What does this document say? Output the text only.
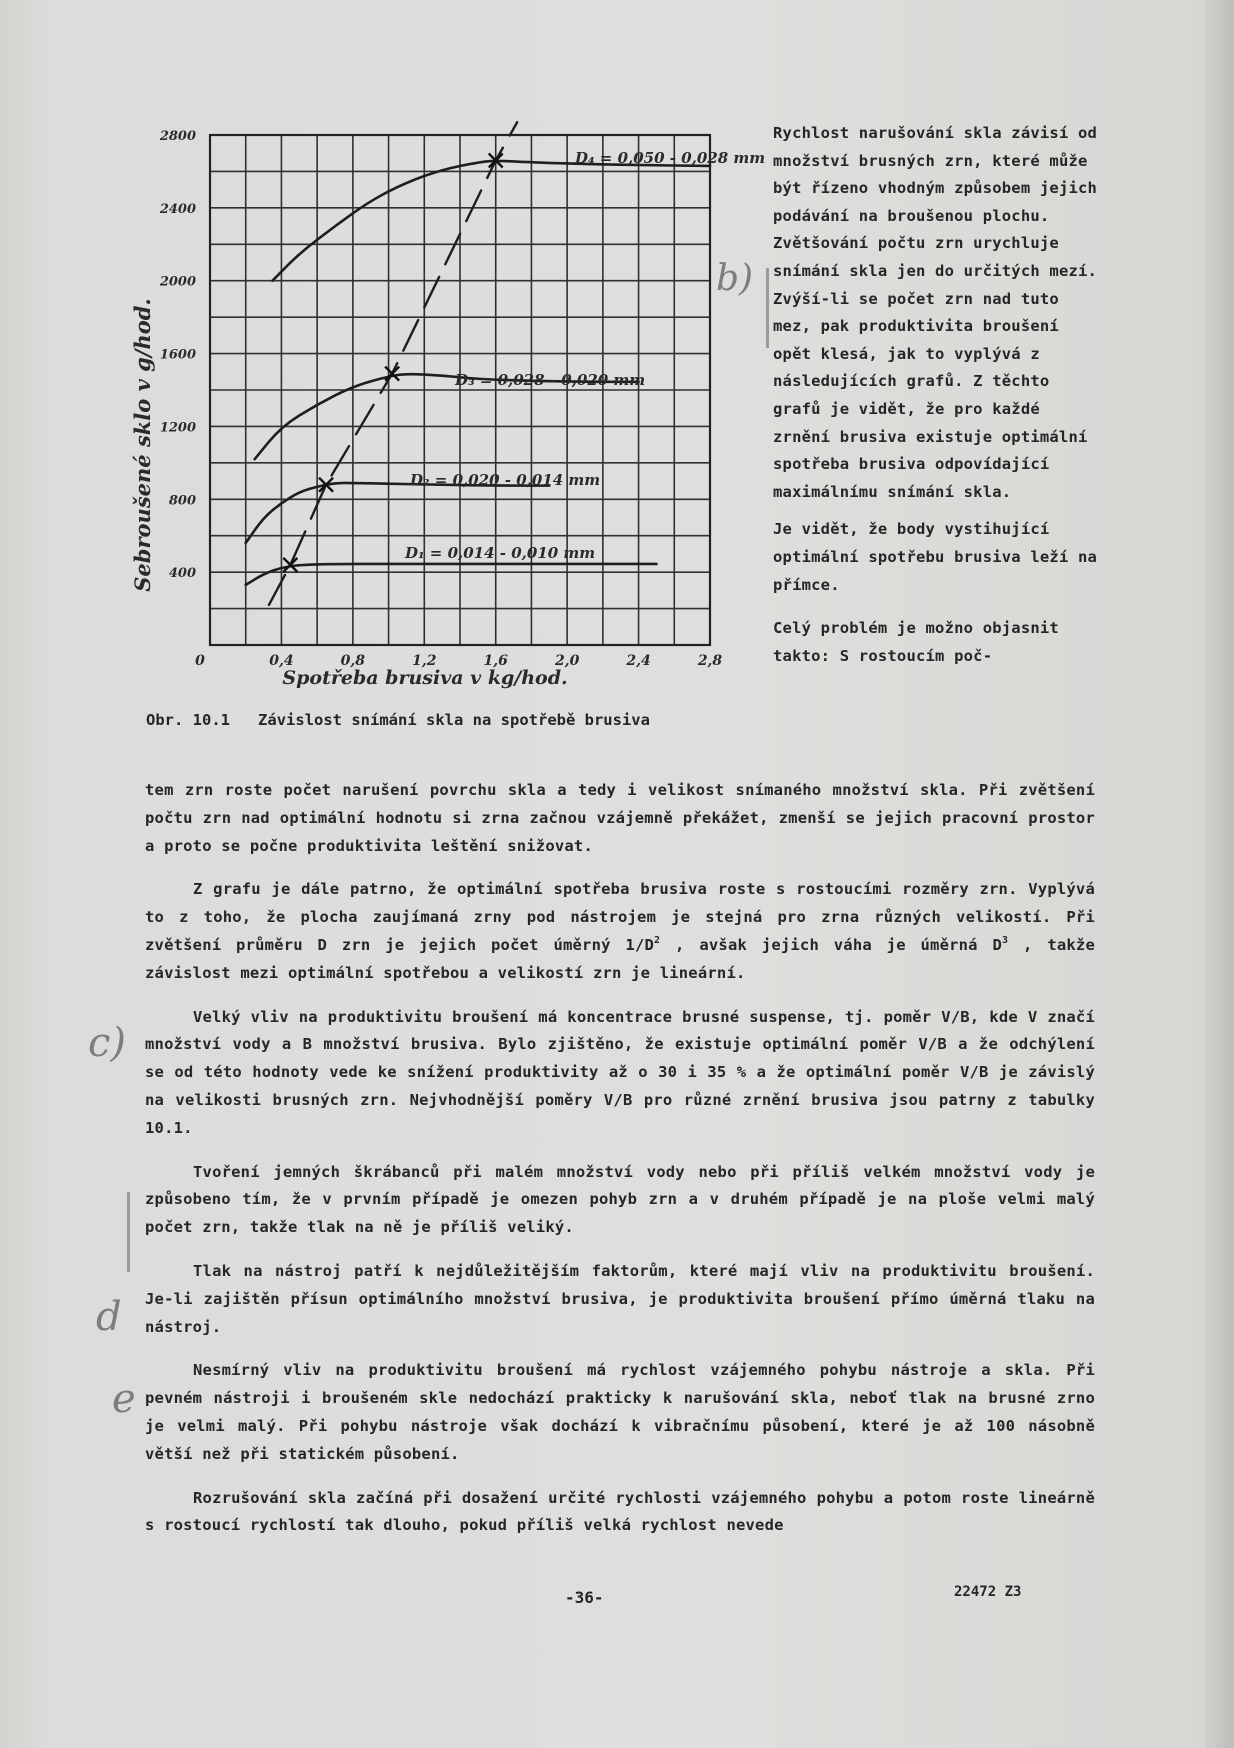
0	0,4	0,8	1,2	1,6	2,0	2,4	2,8
400
800
1200
1600
2000
2400
2800
Sebroušené sklo v g/hod.
Spotřeba brusiva v kg/hod.
D₄ = 0,050 - 0,028 mm
D₃ = 0,028 - 0,020 mm
D₂ = 0,020 - 0,014 mm
D₁ = 0,014 - 0,010 mm
Obr. 10.1 Závislost snímání skla na spotřebě brusiva

Rychlost narušování skla závisí od množství brusných zrn, které může být řízeno vhodným způsobem jejich podávání na broušenou plochu. Zvětšování počtu zrn urychluje snímání skla jen do určitých mezí. Zvýší-li se počet zrn nad tuto mez, pak produktivita broušení opět klesá, jak to vyplývá z následujících grafů. Z těchto grafů je vidět, že pro každé zrnění brusiva existuje optimální spotřeba brusiva odpovídající maximálnímu snímání skla.

Je vidět, že body vystihující optimální spotřebu brusiva leží na přímce.

Celý problém je možno objasnit takto: S rostoucím poč-

tem zrn roste počet narušení povrchu skla a tedy i velikost snímaného množství skla. Při zvětšení počtu zrn nad optimální hodnotu si zrna začnou vzájemně překážet, zmenší se jejich pracovní prostor a proto se počne produktivita leštění snižovat.

Z grafu je dále patrno, že optimální spotřeba brusiva roste s rostoucími rozměry zrn. Vyplývá to z toho, že plocha zaujímaná zrny pod nástrojem je stejná pro zrna různých velikostí. Při zvětšení průměru D zrn je jejich počet úměrný $1/D^2$ , avšak jejich váha je úměrná $D^3$ , takže závislost mezi optimální spotřebou a velikostí zrn je lineární.

Velký vliv na produktivitu broušení má koncentrace brusné suspense, tj. poměr V/B, kde V značí množství vody a B množství brusiva. Bylo zjištěno, že existuje optimální poměr V/B a že odchýlení se od této hodnoty vede ke snížení produktivity až o 30 i 35 % a že optimální poměr V/B je závislý na velikosti brusných zrn. Nejvhodnější poměry V/B pro různé zrnění brusiva jsou patrny z tabulky 10.1.

Tvoření jemných škrábanců při malém množství vody nebo při příliš velkém množství vody je způsobeno tím, že v prvním případě je omezen pohyb zrn a v druhém případě je na ploše velmi malý počet zrn, takže tlak na ně je příliš veliký.

Tlak na nástroj patří k nejdůležitějším faktorům, které mají vliv na produktivitu broušení. Je-li zajištěn přísun optimálního množství brusiva, je produktivita broušení přímo úměrná tlaku na nástroj.

Nesmírný vliv na produktivitu broušení má rychlost vzájemného pohybu nástroje a skla. Při pevném nástroji i broušeném skle nedochází prakticky k narušování skla, neboť tlak na brusné zrno je velmi malý. Při pohybu nástroje však dochází k vibračnímu působení, které je až 100 násobně větší než při statickém působení.

Rozrušování skla začíná při dosažení určité rychlosti vzájemného pohybu a potom roste lineárně s rostoucí rychlostí tak dlouho, pokud příliš velká rychlost nevede

b)
c)
d
e
-36-	22472 Z3
